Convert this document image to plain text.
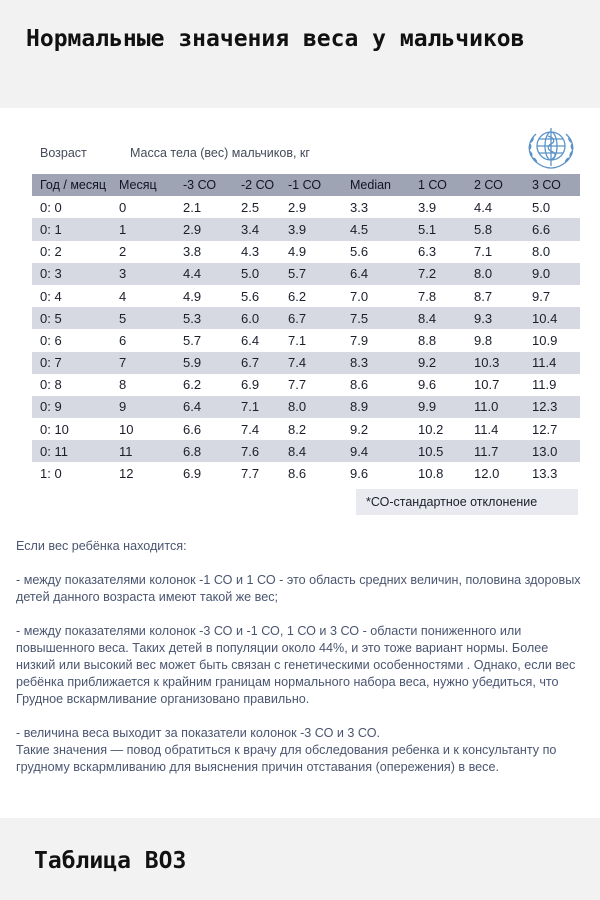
Нормальные значения веса у мальчиков
Возраст	Масса тела (вес) мальчиков, кг
Год / месяц	Месяц	-3 СО	-2 СО	-1 СО	Median	1 СО	2 СО	3 СО
0: 0	0	2.1	2.5	2.9	3.3	3.9	4.4	5.0
0: 1	1	2.9	3.4	3.9	4.5	5.1	5.8	6.6
0: 2	2	3.8	4.3	4.9	5.6	6.3	7.1	8.0
0: 3	3	4.4	5.0	5.7	6.4	7.2	8.0	9.0
0: 4	4	4.9	5.6	6.2	7.0	7.8	8.7	9.7
0: 5	5	5.3	6.0	6.7	7.5	8.4	9.3	10.4
0: 6	6	5.7	6.4	7.1	7.9	8.8	9.8	10.9
0: 7	7	5.9	6.7	7.4	8.3	9.2	10.3	11.4
0: 8	8	6.2	6.9	7.7	8.6	9.6	10.7	11.9
0: 9	9	6.4	7.1	8.0	8.9	9.9	11.0	12.3
0: 10	10	6.6	7.4	8.2	9.2	10.2	11.4	12.7
0: 11	11	6.8	7.6	8.4	9.4	10.5	11.7	13.0
1: 0	12	6.9	7.7	8.6	9.6	10.8	12.0	13.3
*СО-стандартное отклонение

Если вес ребёнка находится:

- между показателями колонок -1 СО и 1 СО - это область средних величин, половина здоровых детей данного возраста имеют такой же вес;

- между показателями колонок -3 СО и -1 СО, 1 СО и 3 СО - области пониженного или повышенного веса. Таких детей в популяции около 44%, и это тоже вариант нормы. Более низкий или высокий вес может быть связан с генетическими особенностями . Однако, если вес ребёнка приближается к крайним границам нормального набора веса, нужно убедиться, что Грудное вскармливание организовано правильно.

- величина веса выходит за показатели колонок -3 СО и 3 СО.
Такие значения — повод обратиться к врачу для обследования ребенка и к консультанту по грудному вскармливанию для выяснения причин отставания (опережения) в весе.

Таблица ВОЗ
